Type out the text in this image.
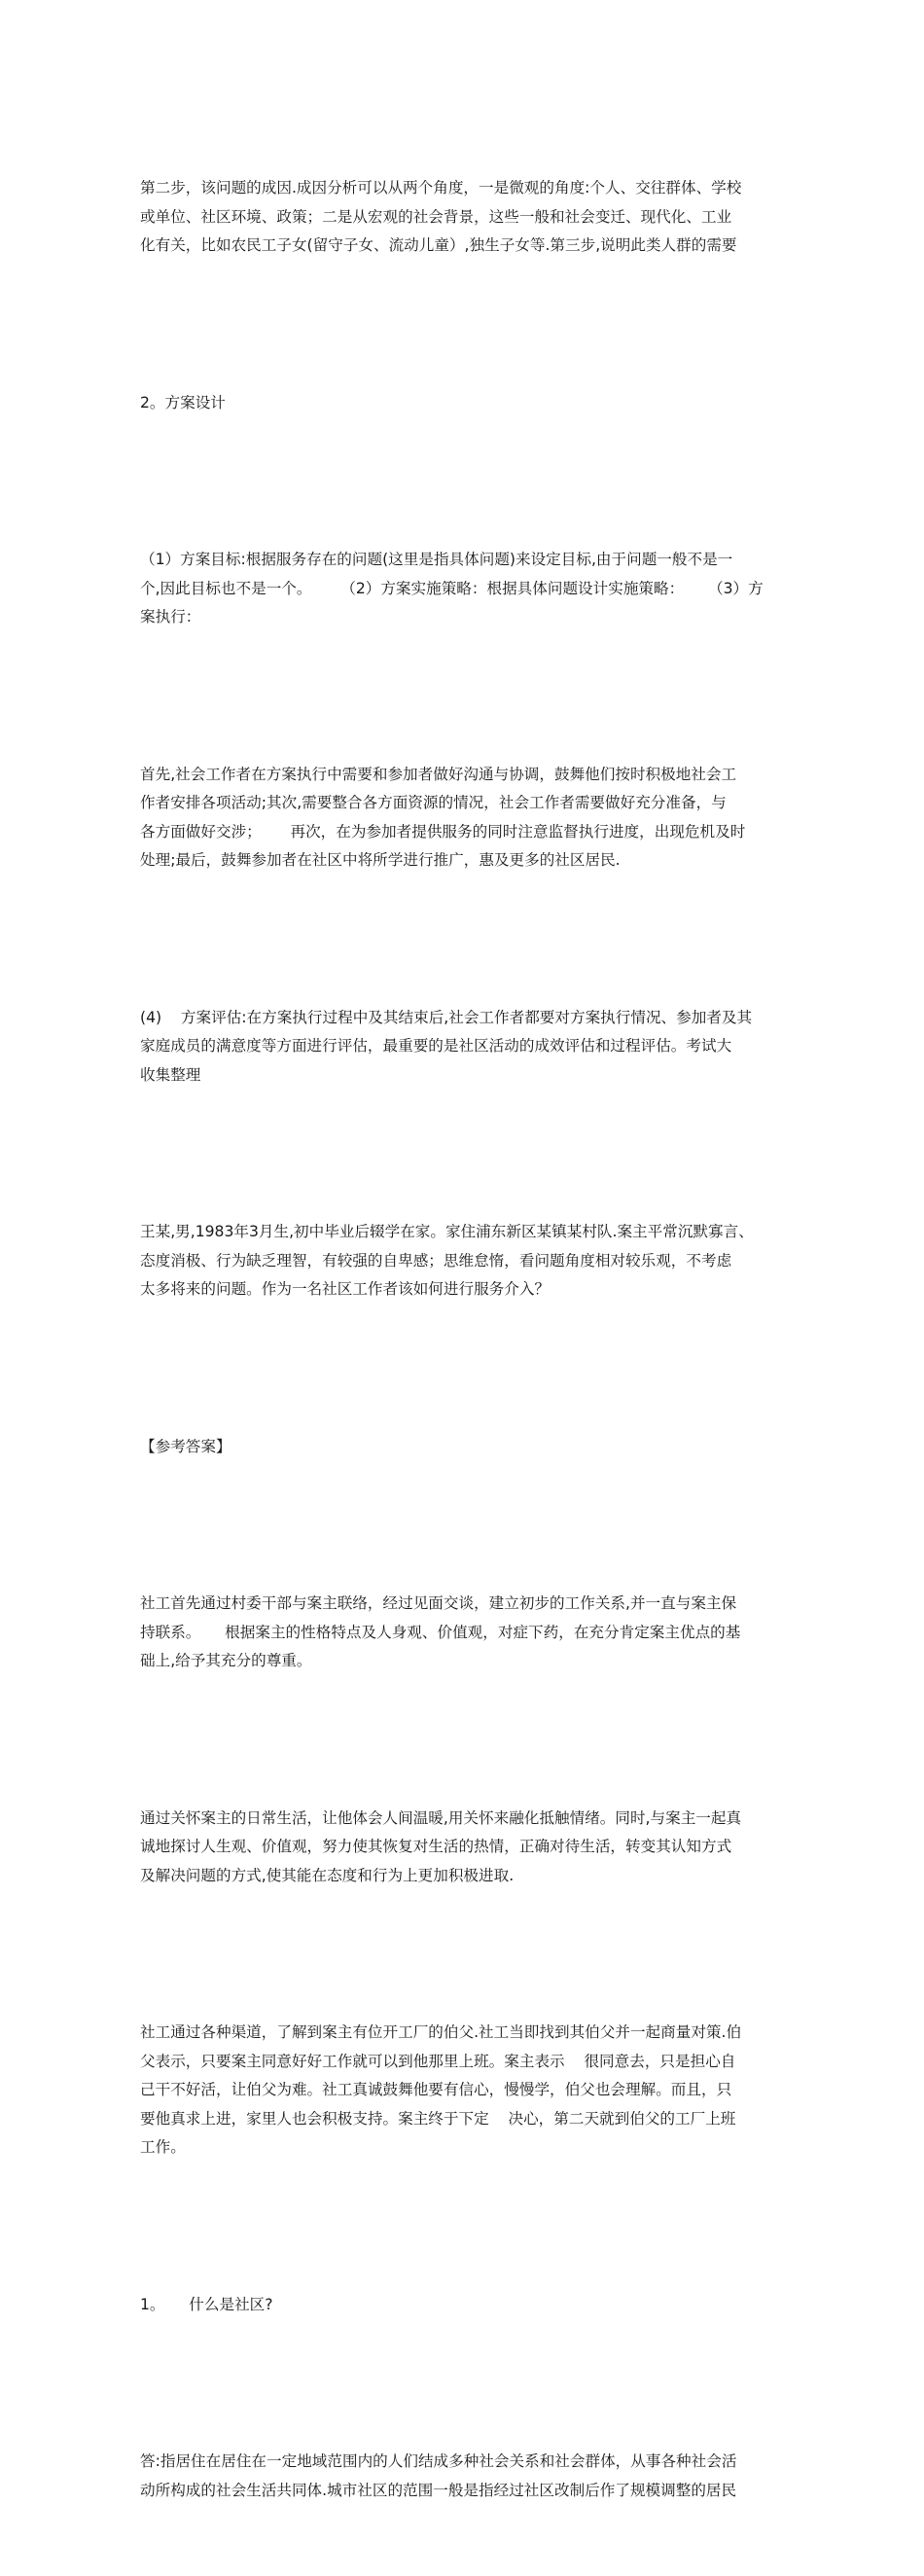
第二步，该问题的成因.成因分析可以从两个角度，一是微观的角度:个人、交往群体、学校
或单位、社区环境、政策；二是从宏观的社会背景，这些一般和社会变迁、现代化、工业
化有关，比如农民工子女(留守子女、流动儿童）,独生子女等.第三步,说明此类人群的需要

2。方案设计

（1）方案目标:根据服务存在的问题(这里是指具体问题)来设定目标,由于问题一般不是一
个,因此目标也不是一个。      （2）方案实施策略：根据具体问题设计实施策略：     （3）方
案执行：

首先,社会工作者在方案执行中需要和参加者做好沟通与协调，鼓舞他们按时积极地社会工
作者安排各项活动;其次,需要整合各方面资源的情况，社会工作者需要做好充分准备，与
各方面做好交涉；      再次，在为参加者提供服务的同时注意监督执行进度，出现危机及时
处理;最后，鼓舞参加者在社区中将所学进行推广，惠及更多的社区居民.

(4)    方案评估:在方案执行过程中及其结束后,社会工作者都要对方案执行情况、参加者及其
家庭成员的满意度等方面进行评估，最重要的是社区活动的成效评估和过程评估。考试大
收集整理

王某,男,1983年3月生,初中毕业后辍学在家。家住浦东新区某镇某村队.案主平常沉默寡言、
态度消极、行为缺乏理智，有较强的自卑感；思维怠惰，看问题角度相对较乐观，不考虑
太多将来的问题。作为一名社区工作者该如何进行服务介入？

【参考答案】

社工首先通过村委干部与案主联络，经过见面交谈，建立初步的工作关系,并一直与案主保
持联系。     根据案主的性格特点及人身观、价值观，对症下药，在充分肯定案主优点的基
础上,给予其充分的尊重。

通过关怀案主的日常生活，让他体会人间温暖,用关怀来融化抵触情绪。同时,与案主一起真
诚地探讨人生观、价值观，努力使其恢复对生活的热情，正确对待生活，转变其认知方式
及解决问题的方式,使其能在态度和行为上更加积极进取.

社工通过各种渠道，了解到案主有位开工厂的伯父.社工当即找到其伯父并一起商量对策.伯
父表示，只要案主同意好好工作就可以到他那里上班。案主表示    很同意去，只是担心自
己干不好活，让伯父为难。社工真诚鼓舞他要有信心，慢慢学，伯父也会理解。而且，只
要他真求上进，家里人也会积极支持。案主终于下定    决心，第二天就到伯父的工厂上班
工作。

1。     什么是社区?

答:指居住在居住在一定地域范围内的人们结成多种社会关系和社会群体，从事各种社会活
动所构成的社会生活共同体.城市社区的范围一般是指经过社区改制后作了规模调整的居民
